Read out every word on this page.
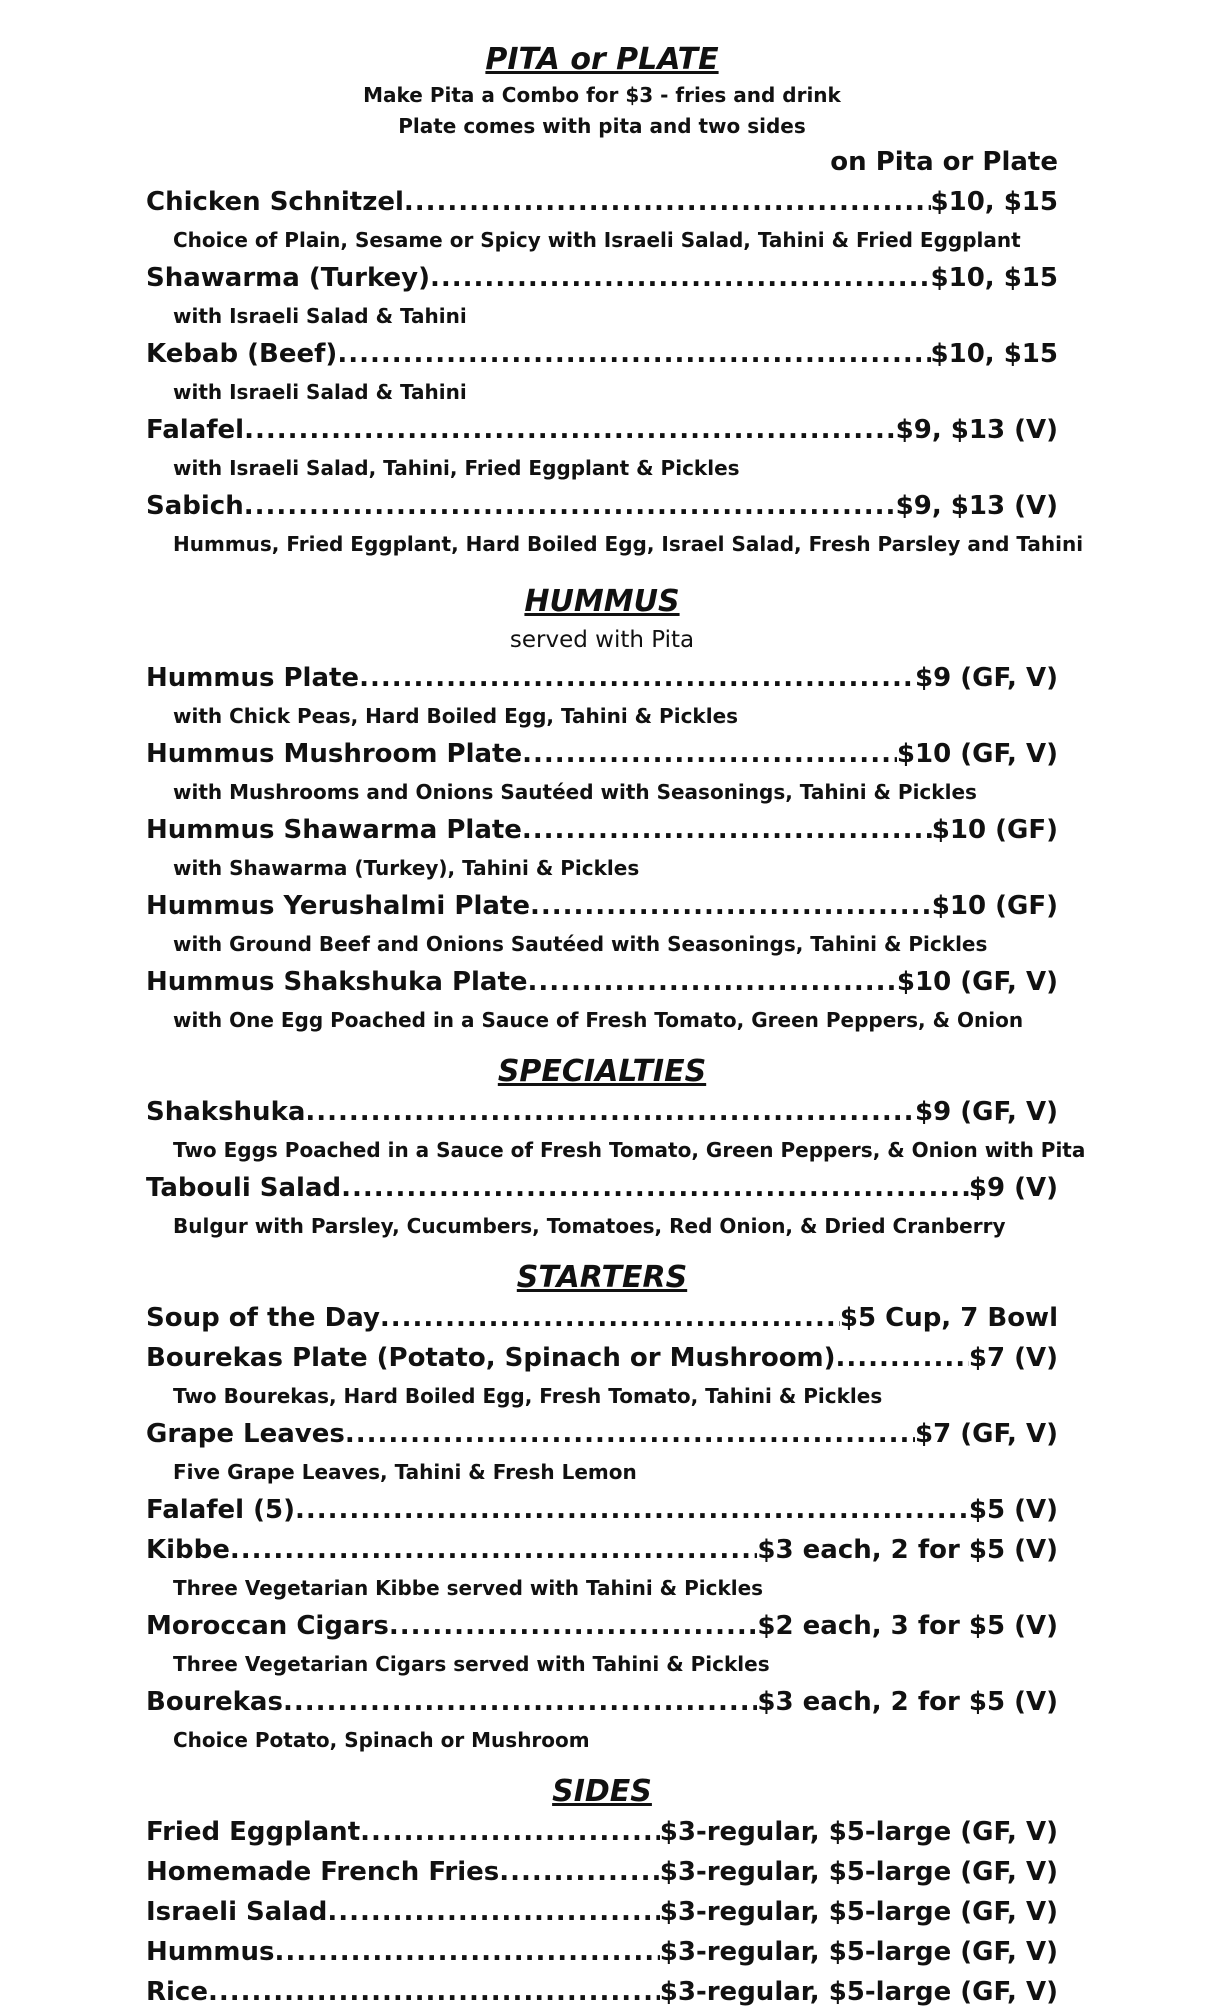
PITA or PLATE
Make Pita a Combo for $3 - fries and drink
Plate comes with pita and two sides
on Pita or Plate
Chicken Schnitzel .....	$10, $15
Choice of Plain, Sesame or Spicy with Israeli Salad, Tahini & Fried Eggplant
Shawarma (Turkey) .....	$10, $15
with Israeli Salad & Tahini
Kebab (Beef) .....	$10, $15
with Israeli Salad & Tahini
Falafel .....	$9, $13 (V)
with Israeli Salad, Tahini, Fried Eggplant & Pickles
Sabich .....	$9, $13 (V)
Hummus, Fried Eggplant, Hard Boiled Egg, Israel Salad, Fresh Parsley and Tahini
HUMMUS
served with Pita
Hummus Plate .....	$9 (GF, V)
with Chick Peas, Hard Boiled Egg, Tahini & Pickles
Hummus Mushroom Plate .....	$10 (GF, V)
with Mushrooms and Onions Sautéed with Seasonings, Tahini & Pickles
Hummus Shawarma Plate .....	$10 (GF)
with Shawarma (Turkey), Tahini & Pickles
Hummus Yerushalmi Plate .....	$10 (GF)
with Ground Beef and Onions Sautéed with Seasonings, Tahini & Pickles
Hummus Shakshuka Plate .....	$10 (GF, V)
with One Egg Poached in a Sauce of Fresh Tomato, Green Peppers, & Onion
SPECIALTIES
Shakshuka .....	$9 (GF, V)
Two Eggs Poached in a Sauce of Fresh Tomato, Green Peppers, & Onion with Pita
Tabouli Salad .....	$9 (V)
Bulgur with Parsley, Cucumbers, Tomatoes, Red Onion, & Dried Cranberry
STARTERS
Soup of the Day .....	$5 Cup, 7 Bowl
Bourekas Plate (Potato, Spinach or Mushroom) .....	$7 (V)
Two Bourekas, Hard Boiled Egg, Fresh Tomato, Tahini & Pickles
Grape Leaves .....	$7 (GF, V)
Five Grape Leaves, Tahini & Fresh Lemon
Falafel (5) .....	$5 (V)
Kibbe .....	$3 each, 2 for $5 (V)
Three Vegetarian Kibbe served with Tahini & Pickles
Moroccan Cigars .....	$2 each, 3 for $5 (V)
Three Vegetarian Cigars served with Tahini & Pickles
Bourekas .....	$3 each, 2 for $5 (V)
Choice Potato, Spinach or Mushroom
SIDES
Fried Eggplant .....	$3-regular, $5-large (GF, V)
Homemade French Fries .....	$3-regular, $5-large (GF, V)
Israeli Salad .....	$3-regular, $5-large (GF, V)
Hummus .....	$3-regular, $5-large (GF, V)
Rice .....	$3-regular, $5-large (GF, V)
